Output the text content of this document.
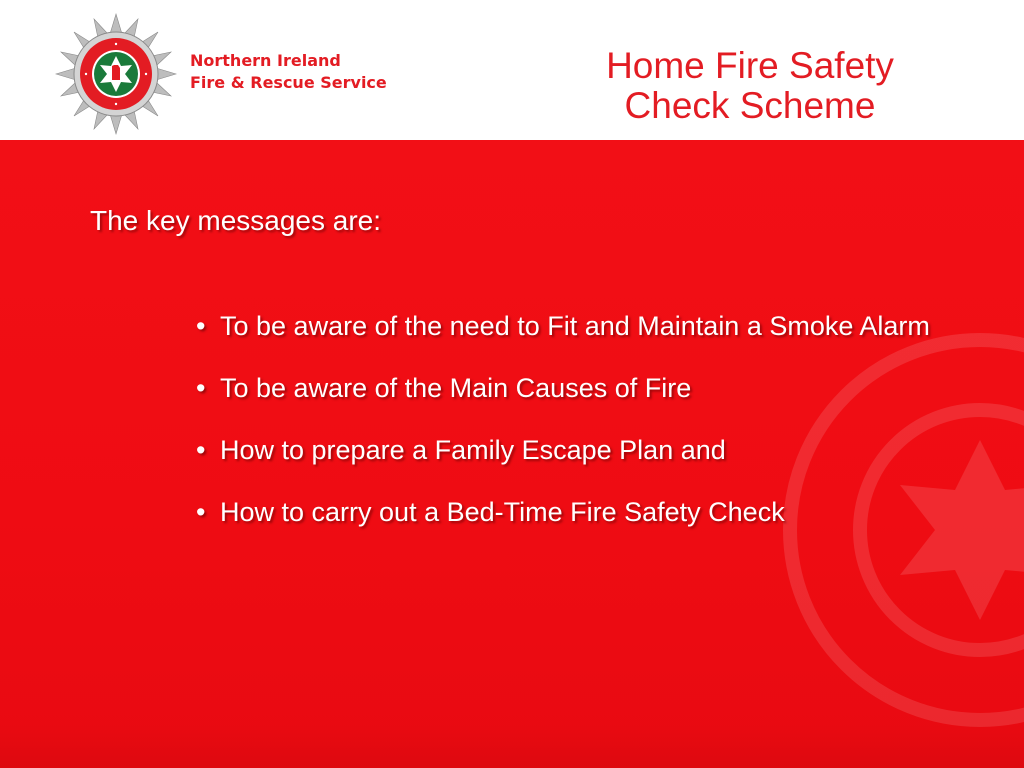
Northern Ireland
Fire & Rescue Service	Home Fire Safety
Check Scheme
The key messages are:
• To be aware of the need to Fit and Maintain a Smoke Alarm
• To be aware of the Main Causes of Fire
• How to prepare a Family Escape Plan and
• How to carry out a Bed-Time Fire Safety Check
